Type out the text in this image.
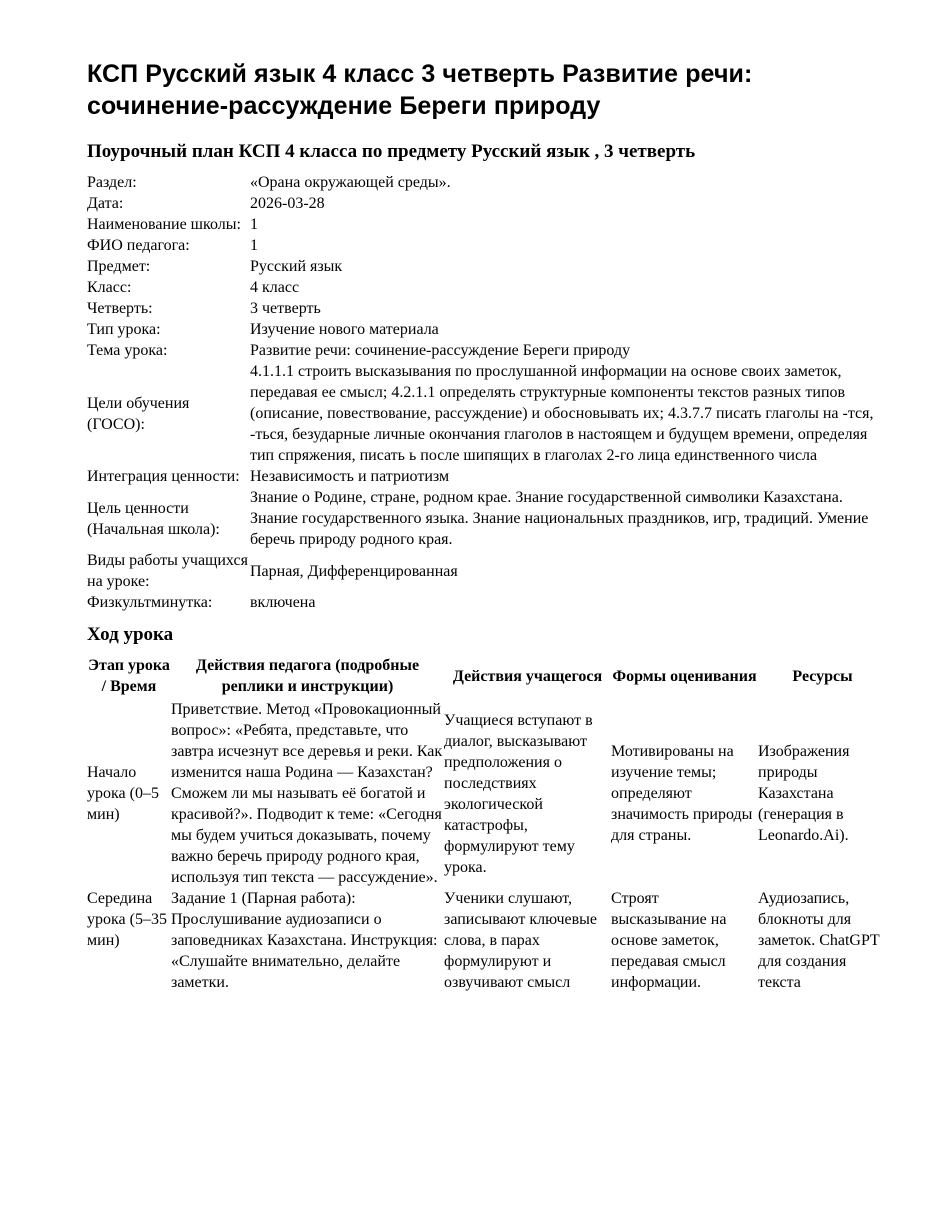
КСП Русский язык 4 класс 3 четверть Развитие речи: сочинение-рассуждение Береги природу
Поурочный план КСП 4 класса по предмету Русский язык , 3 четверть
Раздел:	«Орана окружающей среды».
Дата:	2026-03-28
Наименование школы:	1
ФИО педагога:	1
Предмет:	Русский язык
Класс:	4 класс
Четверть:	3 четверть
Тип урока:	Изучение нового материала
Тема урока:	Развитие речи: сочинение-рассуждение Береги природу
Цели обучения (ГОСО):	4.1.1.1 строить высказывания по прослушанной информации на основе своих заметок, передавая ее смысл; 4.2.1.1 определять структурные компоненты текстов разных типов (описание, повествование, рассуждение) и обосновывать их; 4.3.7.7 писать глаголы на -тся, -ться, безударные личные окончания глаголов в настоящем и будущем времени, определяя тип спряжения, писать ь после шипящих в глаголах 2-го лица единственного числа
Интеграция ценности:	Независимость и патриотизм
Цель ценности (Начальная школа):	Знание о Родине, стране, родном крае. Знание государственной символики Казахстана. Знание государственного языка. Знание национальных праздников, игр, традиций. Умение беречь природу родного края.
Виды работы учащихся на уроке:	Парная, Дифференцированная
Физкультминутка:	включена
Ход урока
Этап урока / Время	Действия педагога (подробные реплики и инструкции)	Действия учащегося	Формы оценивания	Ресурсы
Начало урока (0–5 мин)	Приветствие. Метод «Провокационный вопрос»: «Ребята, представьте, что завтра исчезнут все деревья и реки. Как изменится наша Родина — Казахстан? Сможем ли мы называть её богатой и красивой?». Подводит к теме: «Сегодня мы будем учиться доказывать, почему важно беречь природу родного края, используя тип текста — рассуждение».	Учащиеся вступают в диалог, высказывают предположения о последствиях экологической катастрофы, формулируют тему урока.	Мотивированы на изучение темы; определяют значимость природы для страны.	Изображения природы Казахстана (генерация в Leonardo.Ai).
Середина урока (5–35 мин)	Задание 1 (Парная работа): Прослушивание аудиозаписи о заповедниках Казахстана. Инструкция: «Слушайте внимательно, делайте заметки.	Ученики слушают, записывают ключевые слова, в парах формулируют и озвучивают смысл	Строят высказывание на основе заметок, передавая смысл информации.	Аудиозапись, блокноты для заметок. ChatGPT для создания текста
